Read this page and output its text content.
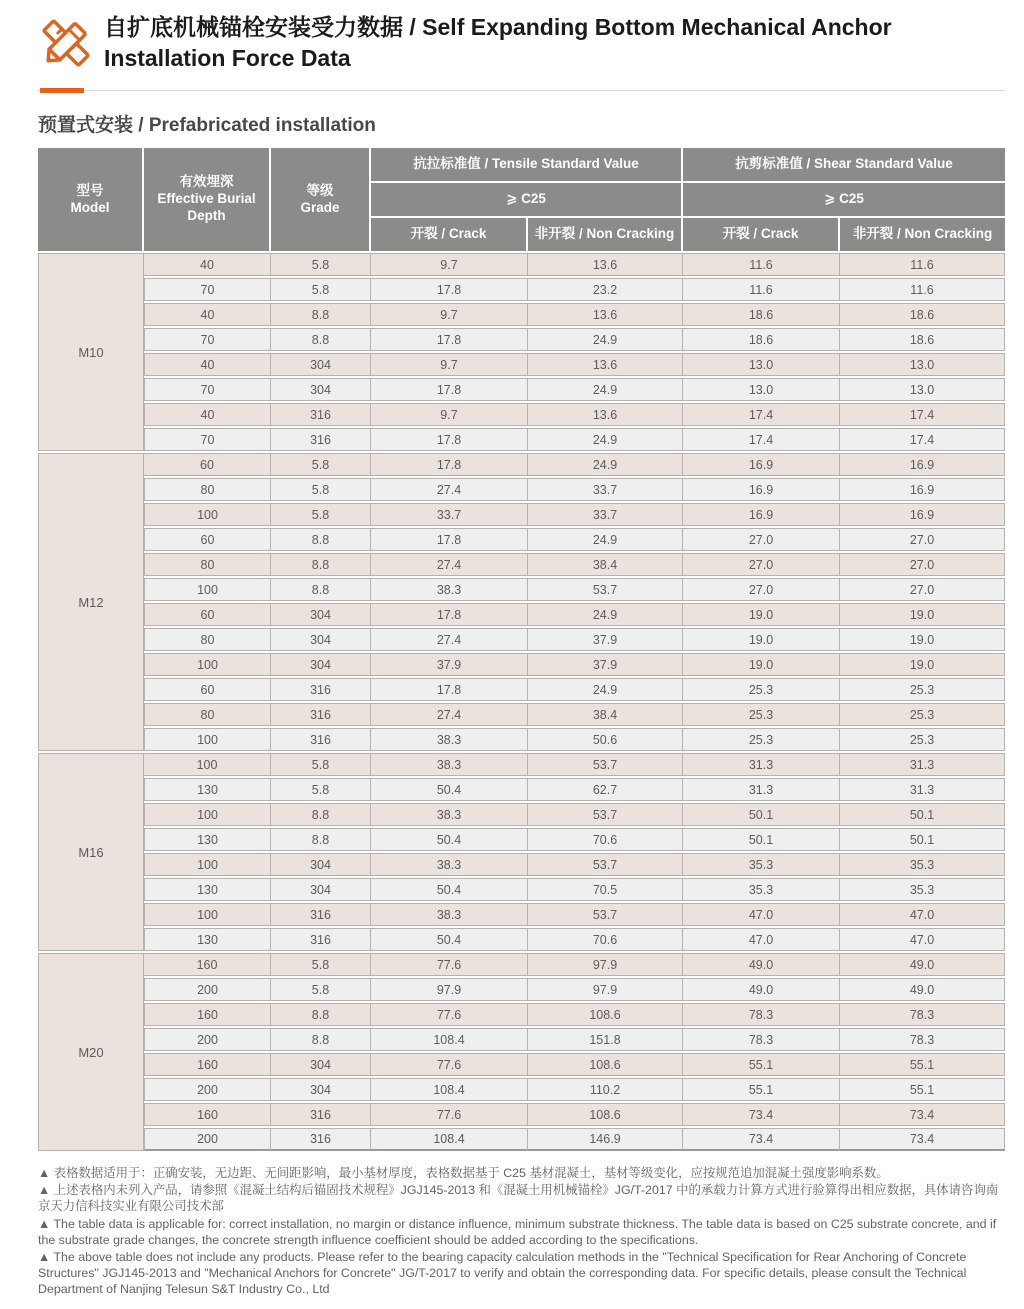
自扩底机械锚栓安装受力数据 / Self Expanding Bottom Mechanical Anchor Installation Force Data
预置式安装 / Prefabricated installation
型号
Model	有效埋深
Effective Burial
Depth	等级
Grade	抗拉标准值 / Tensile Standard Value		抗剪标准值 / Shear Standard Value	
			⩾ C25		⩾ C25	
			开裂 / Crack	非开裂 / Non Cracking	开裂 / Crack	非开裂 / Non Cracking
M10	40	5.8	9.7	13.6	11.6	11.6
	70	5.8	17.8	23.2	11.6	11.6
	40	8.8	9.7	13.6	18.6	18.6
	70	8.8	17.8	24.9	18.6	18.6
	40	304	9.7	13.6	13.0	13.0
	70	304	17.8	24.9	13.0	13.0
	40	316	9.7	13.6	17.4	17.4
	70	316	17.8	24.9	17.4	17.4
M12	60	5.8	17.8	24.9	16.9	16.9
	80	5.8	27.4	33.7	16.9	16.9
	100	5.8	33.7	33.7	16.9	16.9
	60	8.8	17.8	24.9	27.0	27.0
	80	8.8	27.4	38.4	27.0	27.0
	100	8.8	38.3	53.7	27.0	27.0
	60	304	17.8	24.9	19.0	19.0
	80	304	27.4	37.9	19.0	19.0
	100	304	37.9	37.9	19.0	19.0
	60	316	17.8	24.9	25.3	25.3
	80	316	27.4	38.4	25.3	25.3
	100	316	38.3	50.6	25.3	25.3
M16	100	5.8	38.3	53.7	31.3	31.3
	130	5.8	50.4	62.7	31.3	31.3
	100	8.8	38.3	53.7	50.1	50.1
	130	8.8	50.4	70.6	50.1	50.1
	100	304	38.3	53.7	35.3	35.3
	130	304	50.4	70.5	35.3	35.3
	100	316	38.3	53.7	47.0	47.0
	130	316	50.4	70.6	47.0	47.0
M20	160	5.8	77.6	97.9	49.0	49.0
	200	5.8	97.9	97.9	49.0	49.0
	160	8.8	77.6	108.6	78.3	78.3
	200	8.8	108.4	151.8	78.3	78.3
	160	304	77.6	108.6	55.1	55.1
	200	304	108.4	110.2	55.1	55.1
	160	316	77.6	108.6	73.4	73.4
	200	316	108.4	146.9	73.4	73.4

▲ 表格数据适用于：正确安装，无边距、无间距影响，最小基材厚度，表格数据基于 C25 基材混凝土，基材等级变化，应按规范追加混凝土强度影响系数。

▲ 上述表格内未列入产品，请参照《混凝土结构后锚固技术规程》JGJ145-2013 和《混凝土用机械锚栓》JG/T-2017 中的承载力计算方式进行验算得出相应数据，具体请咨询南京天力信科技实业有限公司技术部

▲ The table data is applicable for: correct installation, no margin or distance influence, minimum substrate thickness. The table data is based on C25 substrate concrete, and if the substrate grade changes, the concrete strength influence coefficient should be added according to the specifications.

▲ The above table does not include any products. Please refer to the bearing capacity calculation methods in the "Technical Specification for Rear Anchoring of Concrete Structures" JGJ145-2013 and "Mechanical Anchors for Concrete" JG/T-2017 to verify and obtain the corresponding data. For specific details, please consult the Technical Department of Nanjing Telesun S&T Industry Co., Ltd
